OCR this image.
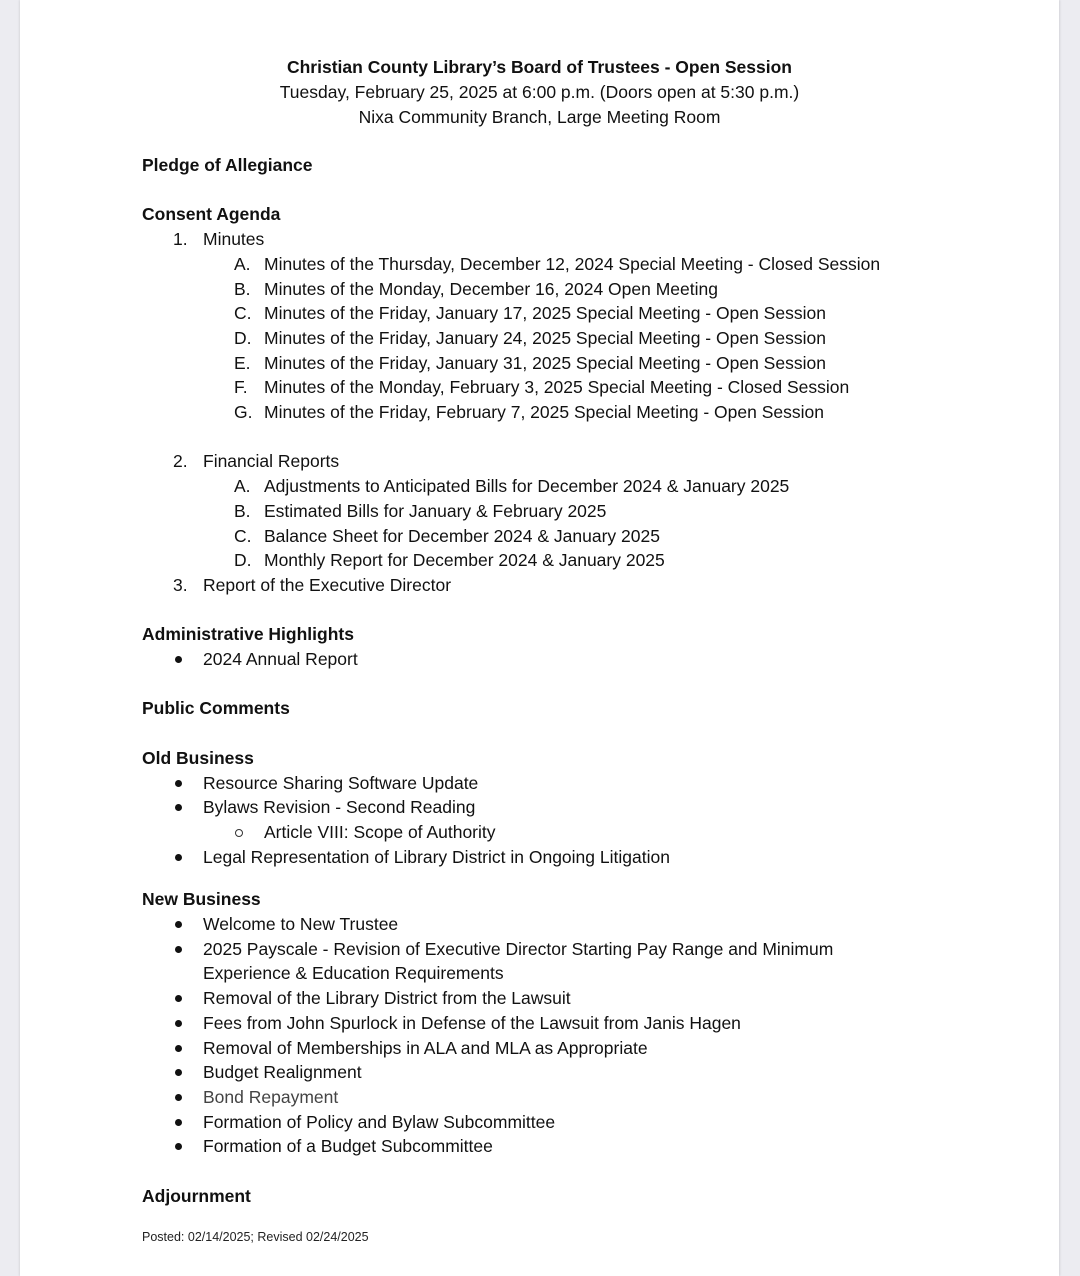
Christian County Library’s Board of Trustees - Open Session
Tuesday, February 25, 2025 at 6:00 p.m. (Doors open at 5:30 p.m.)
Nixa Community Branch, Large Meeting Room
Pledge of Allegiance
Consent Agenda
1. Minutes
A. Minutes of the Thursday, December 12, 2024 Special Meeting - Closed Session
B. Minutes of the Monday, December 16, 2024 Open Meeting
C. Minutes of the Friday, January 17, 2025 Special Meeting - Open Session
D. Minutes of the Friday, January 24, 2025 Special Meeting - Open Session
E. Minutes of the Friday, January 31, 2025 Special Meeting - Open Session
F. Minutes of the Monday, February 3, 2025 Special Meeting - Closed Session
G. Minutes of the Friday, February 7, 2025 Special Meeting - Open Session
2. Financial Reports
A. Adjustments to Anticipated Bills for December 2024 & January 2025
B. Estimated Bills for January & February 2025
C. Balance Sheet for December 2024 & January 2025
D. Monthly Report for December 2024 & January 2025
3. Report of the Executive Director
Administrative Highlights
2024 Annual Report
Public Comments
Old Business
Resource Sharing Software Update
Bylaws Revision - Second Reading
Article VIII: Scope of Authority
Legal Representation of Library District in Ongoing Litigation
New Business
Welcome to New Trustee
2025 Payscale - Revision of Executive Director Starting Pay Range and Minimum Experience & Education Requirements
Removal of the Library District from the Lawsuit
Fees from John Spurlock in Defense of the Lawsuit from Janis Hagen
Removal of Memberships in ALA and MLA as Appropriate
Budget Realignment
Bond Repayment
Formation of Policy and Bylaw Subcommittee
Formation of a Budget Subcommittee
Adjournment
Posted: 02/14/2025; Revised 02/24/2025
